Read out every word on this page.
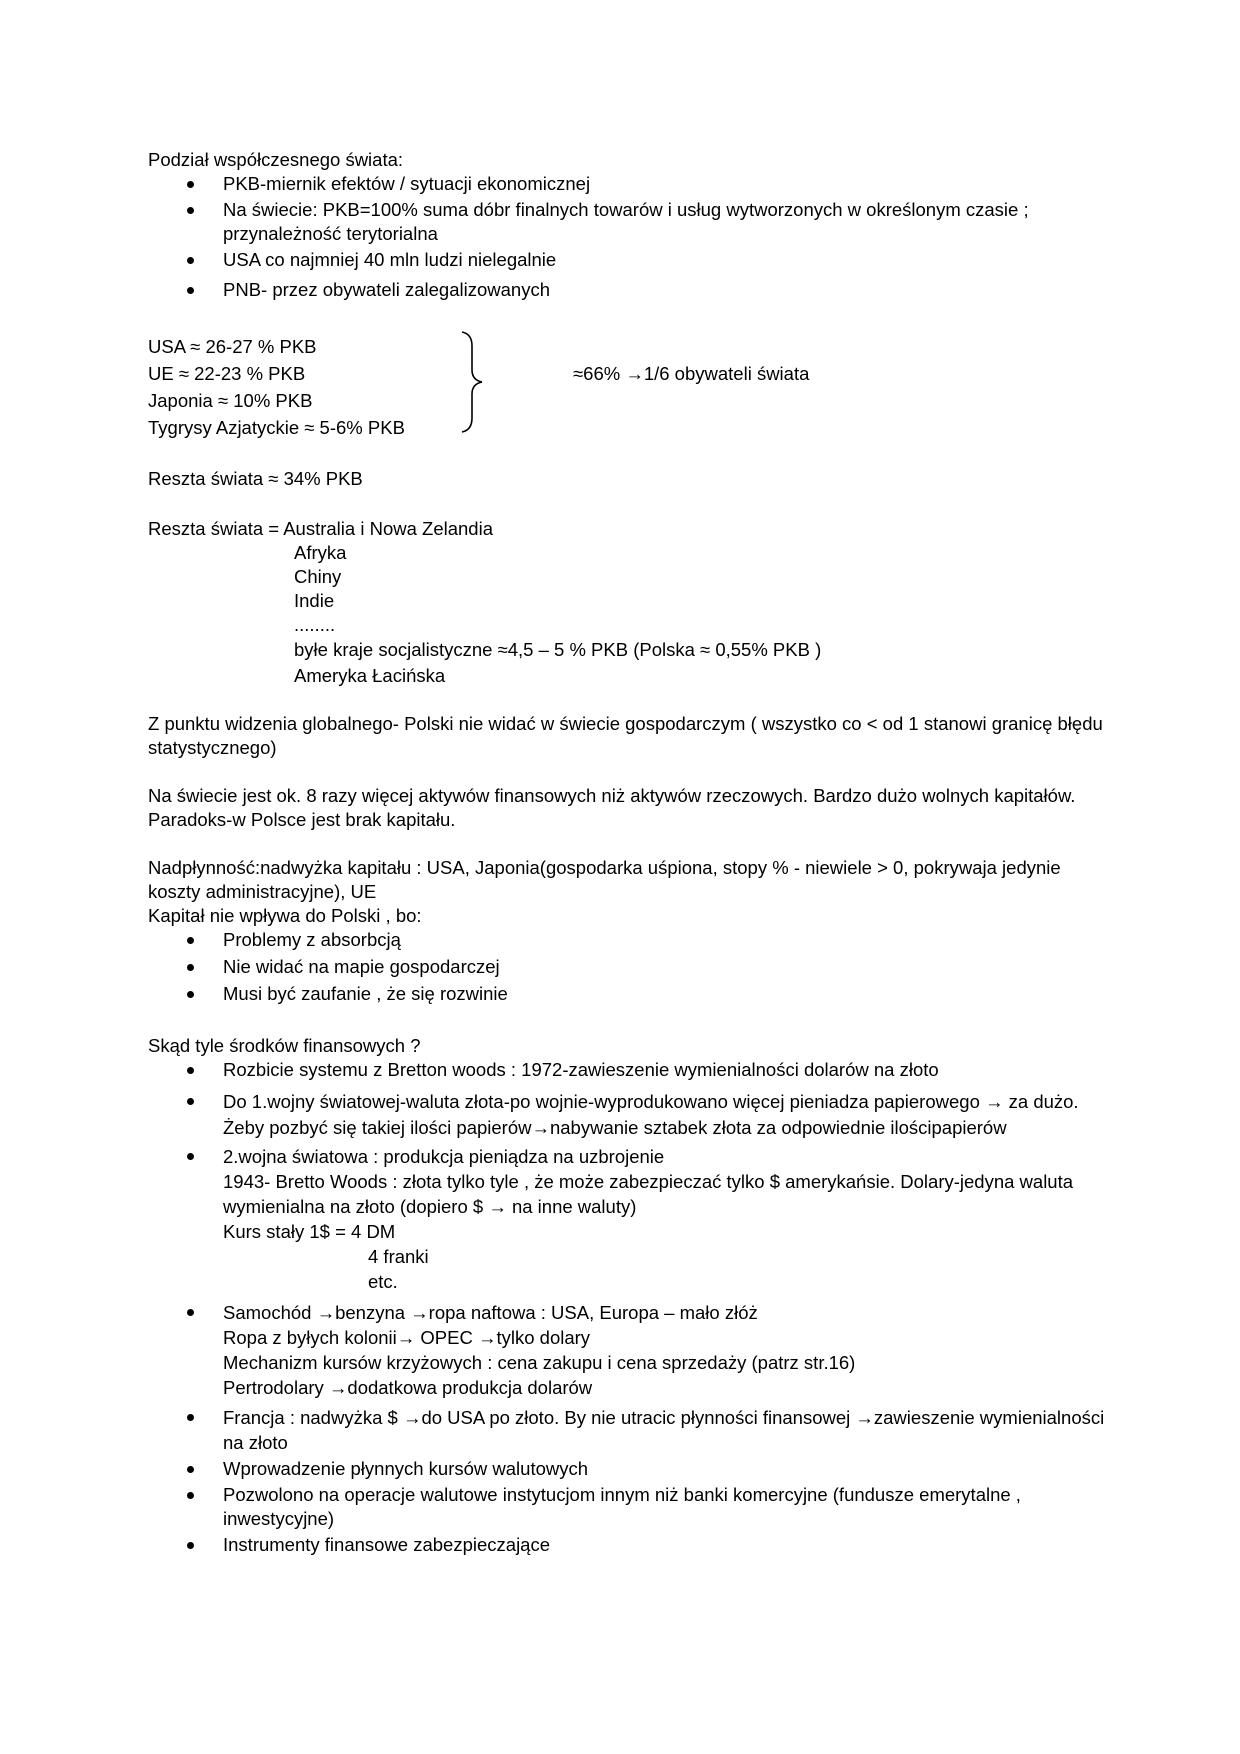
Podział współczesnego świata:
PKB-miernik efektów / sytuacji ekonomicznej
Na świecie: PKB=100% suma dóbr finalnych towarów i usług wytworzonych w określonym czasie ; przynależność terytorialna
USA co najmniej 40 mln ludzi nielegalnie
PNB- przez obywateli zalegalizowanych
USA ≈ 26-27 % PKB
UE ≈ 22-23 % PKB
Japonia ≈ 10% PKB
Tygrysy Azjatyckie ≈ 5-6% PKB
≈66% →1/6 obywateli świata
Reszta świata ≈ 34% PKB
Reszta świata = Australia i Nowa Zelandia
Afryka
Chiny
Indie
........
byłe kraje socjalistyczne ≈4,5 – 5 % PKB (Polska ≈ 0,55% PKB )
Ameryka Łacińska
Z punktu widzenia globalnego- Polski nie widać w świecie gospodarczym ( wszystko co < od 1 stanowi granicę błędu statystycznego)
Na świecie jest ok. 8 razy więcej aktywów finansowych niż aktywów rzeczowych. Bardzo dużo wolnych kapitałów. Paradoks-w Polsce jest brak kapitału.
Nadpłynność:nadwyżka kapitału : USA, Japonia(gospodarka uśpiona, stopy % - niewiele > 0, pokrywaja jedynie koszty administracyjne), UE
Kapitał nie wpływa do Polski , bo:
Problemy z absorbcją
Nie widać na mapie gospodarczej
Musi być zaufanie , że się rozwinie
Skąd tyle środków finansowych ?
Rozbicie systemu z Bretton woods : 1972-zawieszenie wymienialności dolarów na złoto
Do 1.wojny światowej-waluta złota-po wojnie-wyprodukowano więcej pieniadza papierowego → za dużo. Żeby pozbyć się takiej ilości papierów→nabywanie sztabek złota za odpowiednie ilościpapierów
2.wojna światowa : produkcja pieniądza na uzbrojenie
1943- Bretto Woods : złota tylko tyle , że może zabezpieczać tylko $ amerykańsie. Dolary-jedyna waluta wymienialna na złoto (dopiero $ → na inne waluty)
Kurs stały 1$ = 4 DM
4 franki
etc.
Samochód →benzyna →ropa naftowa : USA, Europa – mało złóż
Ropa z byłych kolonii→ OPEC →tylko dolary
Mechanizm kursów krzyżowych : cena zakupu i cena sprzedaży (patrz str.16)
Pertrodolary →dodatkowa produkcja dolarów
Francja : nadwyżka $ →do USA po złoto. By nie utracic płynności finansowej →zawieszenie wymienialności na złoto
Wprowadzenie płynnych kursów walutowych
Pozwolono na operacje walutowe instytucjom innym niż banki komercyjne (fundusze emerytalne , inwestycyjne)
Instrumenty finansowe zabezpieczające
